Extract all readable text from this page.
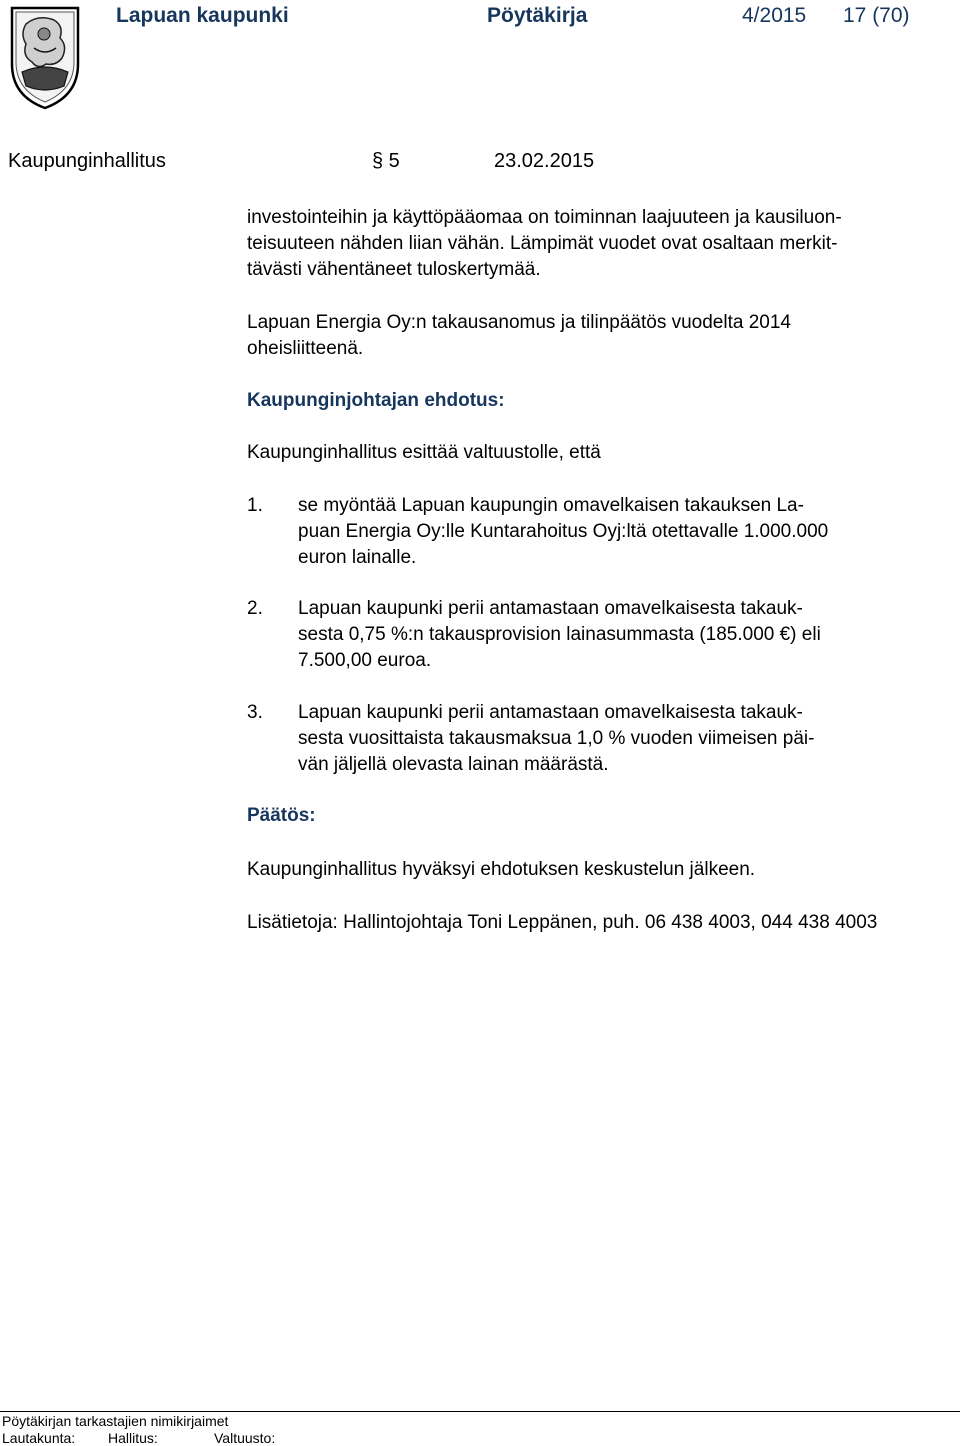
Lapuan kaupunki	Pöytäkirja	4/2015 17 (70)
Kaupunginhallitus	§ 5	23.02.2015
investointeihin ja käyttöpääomaa on toiminnan laajuuteen ja kausiluon-
teisuuteen nähden liian vähän. Lämpimät vuodet ovat osaltaan merkit-
tävästi vähentäneet tuloskertymää.
Lapuan Energia Oy:n takausanomus ja tilinpäätös vuodelta 2014
oheisliitteenä.
Kaupunginjohtajan ehdotus:
Kaupunginhallitus esittää valtuustolle, että
1. se myöntää Lapuan kaupungin omavelkaisen takauksen La-
puan Energia Oy:lle Kuntarahoitus Oyj:ltä otettavalle 1.000.000
euron lainalle.
2. Lapuan kaupunki perii antamastaan omavelkaisesta takauk-
sesta 0,75 %:n takausprovision lainasummasta (185.000 €) eli
7.500,00 euroa.
3. Lapuan kaupunki perii antamastaan omavelkaisesta takauk-
sesta vuosittaista takausmaksua 1,0 % vuoden viimeisen päi-
vän jäljellä olevasta lainan määrästä.
Päätös:
Kaupunginhallitus hyväksyi ehdotuksen keskustelun jälkeen.
Lisätietoja: Hallintojohtaja Toni Leppänen, puh. 06 438 4003, 044 438 4003
Pöytäkirjan tarkastajien nimikirjaimet
Lautakunta: Hallitus:	Valtuusto:
